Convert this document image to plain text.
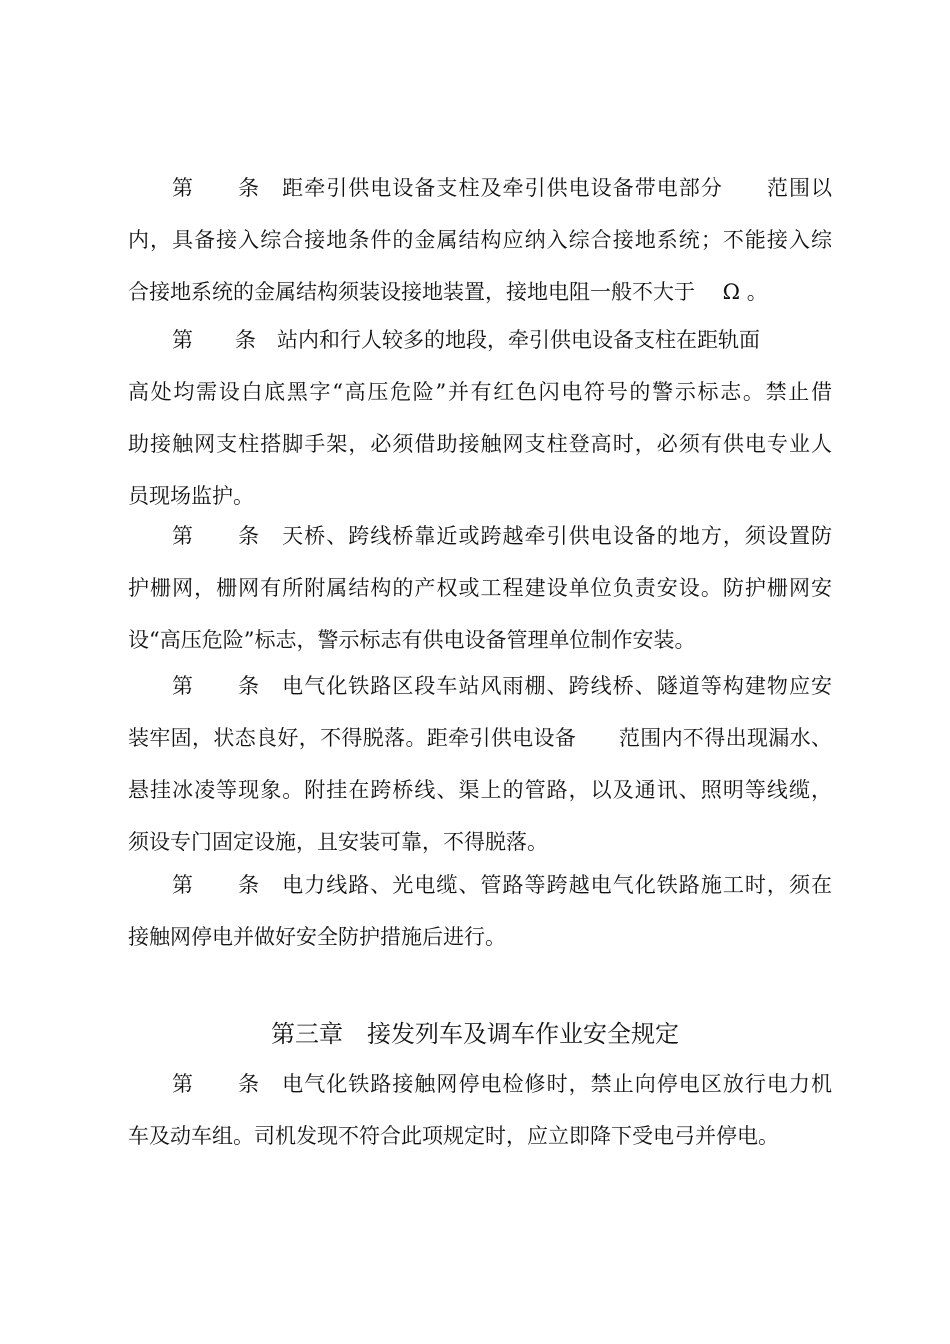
第　　条　距牵引供电设备支柱及牵引供电设备带电部分　　范围以
内，具备接入综合接地条件的金属结构应纳入综合接地系统；不能接入综
合接地系统的金属结构须装设接地装置，接地电阻一般不大于　 Ω 。
第　　条　站内和行人较多的地段，牵引供电设备支柱在距轨面
高处均需设白底黑字“高压危险”并有红色闪电符号的警示标志。禁止借
助接触网支柱搭脚手架，必须借助接触网支柱登高时，必须有供电专业人
员现场监护。
第　　条　天桥、跨线桥靠近或跨越牵引供电设备的地方，须设置防
护栅网，栅网有所附属结构的产权或工程建设单位负责安设。防护栅网安
设“高压危险”标志，警示标志有供电设备管理单位制作安装。
第　　条　电气化铁路区段车站风雨棚、跨线桥、隧道等构建物应安
装牢固，状态良好，不得脱落。距牵引供电设备　　范围内不得出现漏水、
悬挂冰凌等现象。附挂在跨桥线、渠上的管路，以及通讯、照明等线缆，
须设专门固定设施，且安装可靠，不得脱落。
第　　条　电力线路、光电缆、管路等跨越电气化铁路施工时，须在
接触网停电并做好安全防护措施后进行。
第三章　接发列车及调车作业安全规定
第　　条　电气化铁路接触网停电检修时，禁止向停电区放行电力机
车及动车组。司机发现不符合此项规定时，应立即降下受电弓并停电。
